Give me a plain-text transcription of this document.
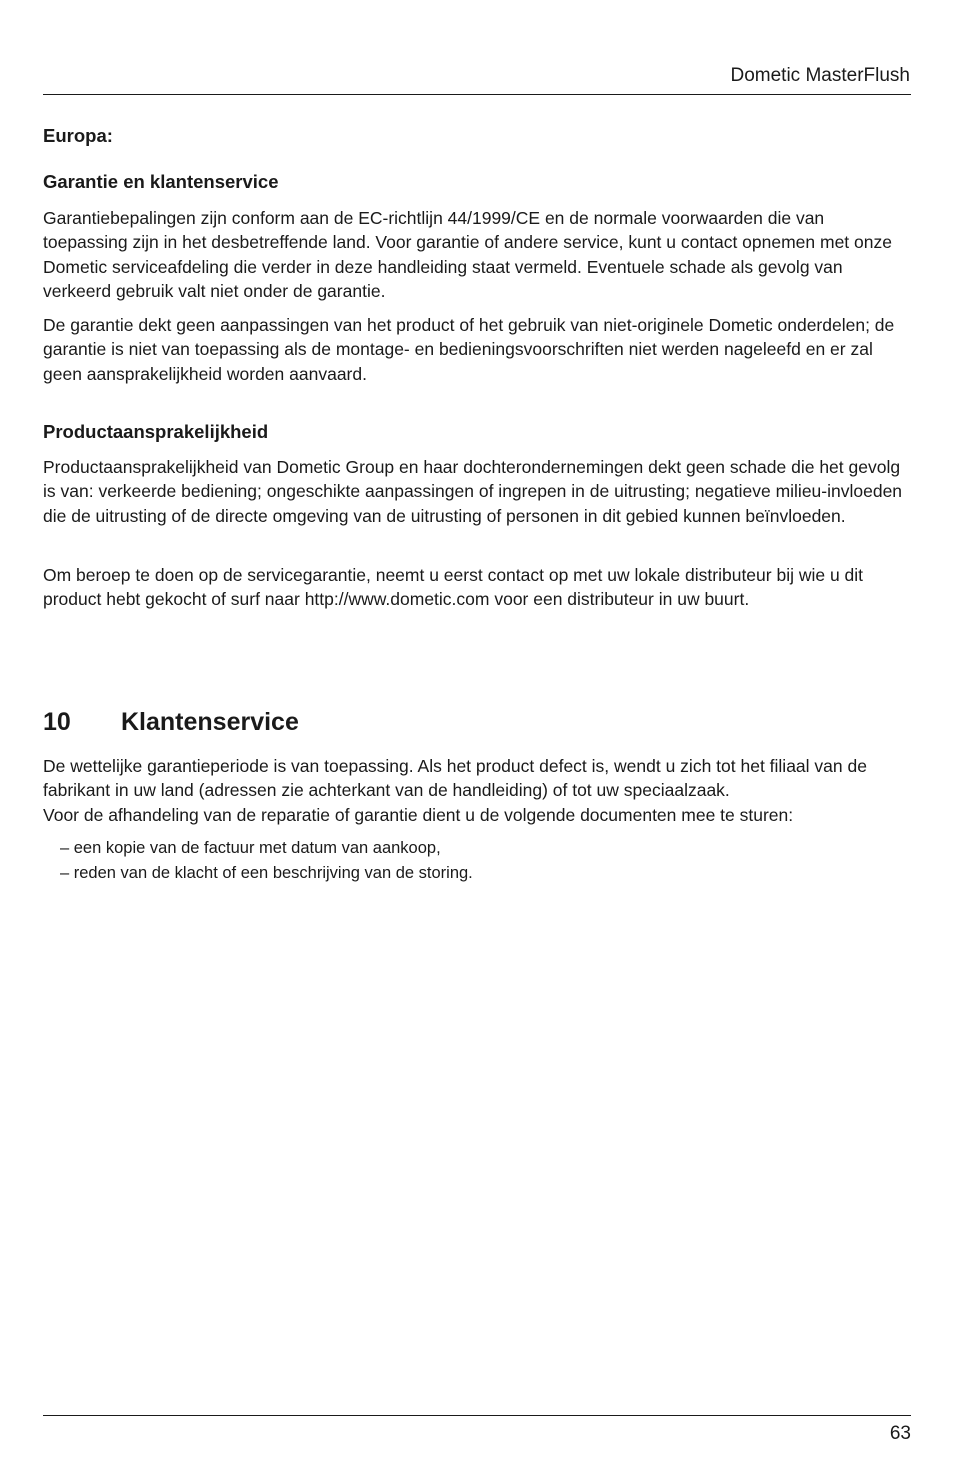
Dometic MasterFlush
Europa:
Garantie en klantenservice
Garantiebepalingen zijn conform aan de EC-richtlijn 44/1999/CE en de normale voorwaarden die van toepassing zijn in het desbetreffende land. Voor garantie of andere service, kunt u contact opnemen met onze Dometic serviceafdeling die verder in deze handleiding staat vermeld. Eventuele schade als gevolg van verkeerd gebruik valt niet onder de garantie.
De garantie dekt geen aanpassingen van het product of het gebruik van niet-originele Dometic onderdelen; de garantie is niet van toepassing als de montage- en bedieningsvoorschriften niet werden nageleefd en er zal geen aansprakelijkheid worden aanvaard.
Productaansprakelijkheid
Productaansprakelijkheid van Dometic Group en haar dochterondernemingen dekt geen schade die het gevolg is van: verkeerde bediening; ongeschikte aanpassingen of ingrepen in de uitrusting; negatieve milieu-invloeden die de uitrusting of de directe omgeving van de uitrusting of personen in dit gebied kunnen beïnvloeden.
Om beroep te doen op de servicegarantie, neemt u eerst contact op met uw lokale distributeur bij wie u dit product hebt gekocht of surf naar http://www.dometic.com voor een distributeur in uw buurt.
10 Klantenservice
De wettelijke garantieperiode is van toepassing. Als het product defect is, wendt u zich tot het filiaal van de fabrikant in uw land (adressen zie achterkant van de handleiding) of tot uw speciaalzaak.
Voor de afhandeling van de reparatie of garantie dient u de volgende documenten mee te sturen:
– een kopie van de factuur met datum van aankoop,
– reden van de klacht of een beschrijving van de storing.
63
